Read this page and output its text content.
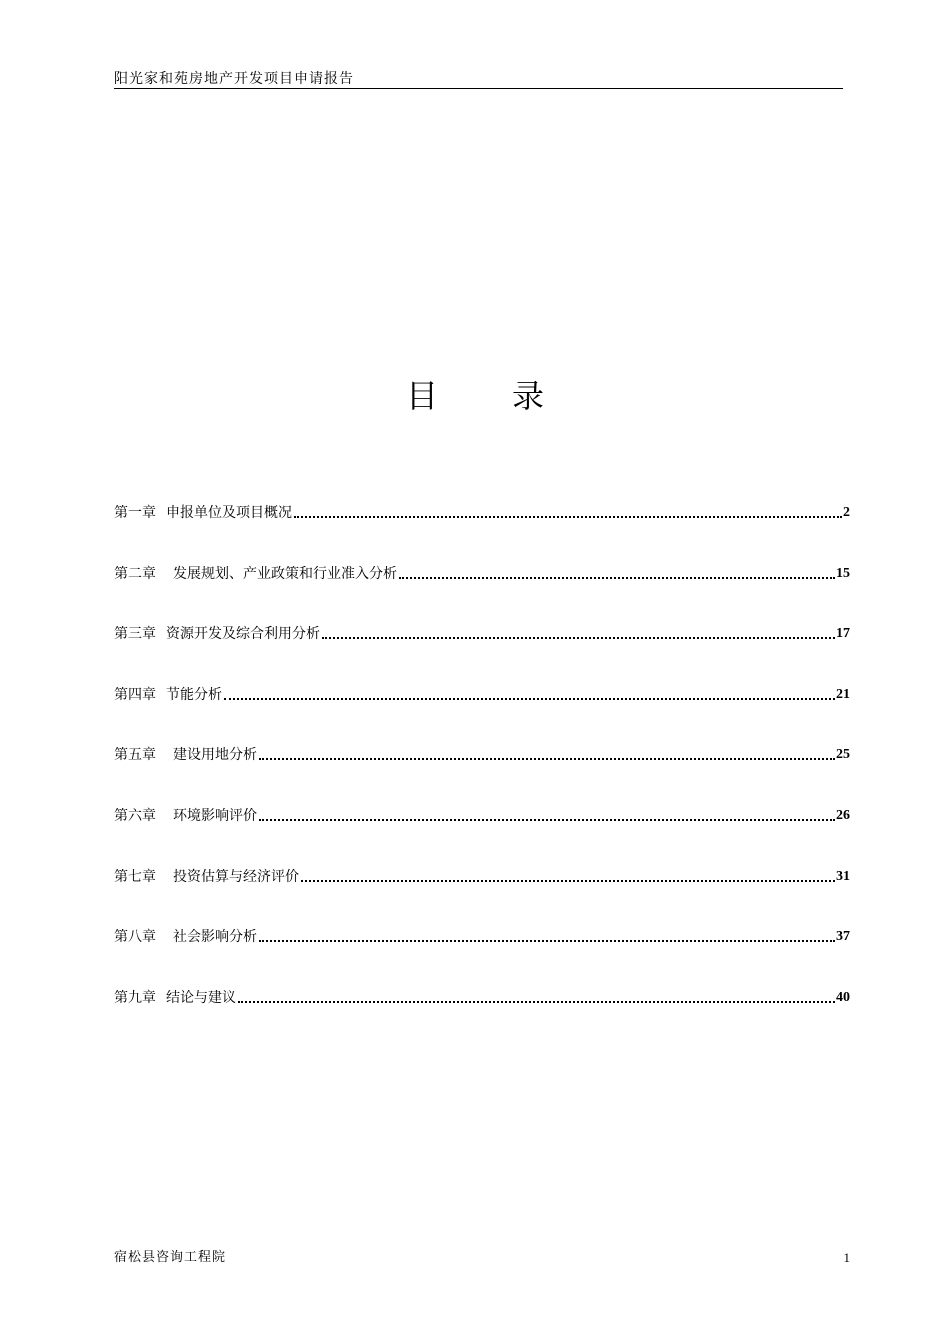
阳光家和苑房地产开发项目申请报告
目录
第一章 申报单位及项目概况	2
第二章 发展规划、产业政策和行业准入分析	15
第三章 资源开发及综合利用分析	17
第四章 节能分析	21
第五章 建设用地分析	25
第六章 环境影响评价	26
第七章 投资估算与经济评价	31
第八章 社会影响分析	37
第九章 结论与建议	40
宿松县咨询工程院	1
